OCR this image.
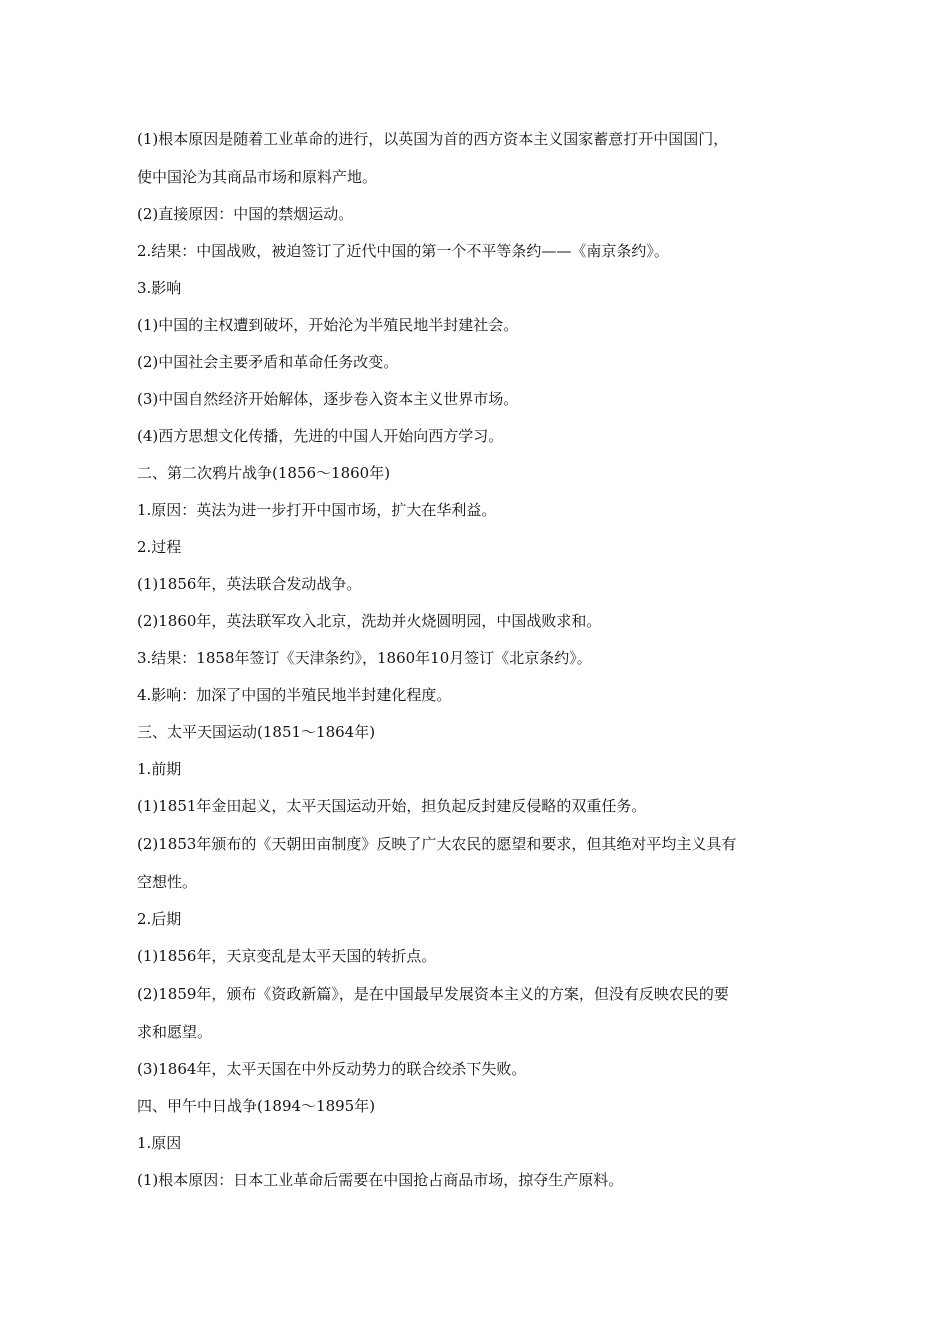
(1)根本原因是随着工业革命的进行，以英国为首的西方资本主义国家蓄意打开中国国门，
使中国沦为其商品市场和原料产地。
(2)直接原因：中国的禁烟运动。
2.结果：中国战败，被迫签订了近代中国的第一个不平等条约——《南京条约》。
3.影响
(1)中国的主权遭到破坏，开始沦为半殖民地半封建社会。
(2)中国社会主要矛盾和革命任务改变。
(3)中国自然经济开始解体，逐步卷入资本主义世界市场。
(4)西方思想文化传播，先进的中国人开始向西方学习。
二、第二次鸦片战争(1856～1860年)
1.原因：英法为进一步打开中国市场，扩大在华利益。
2.过程
(1)1856年，英法联合发动战争。
(2)1860年，英法联军攻入北京，洗劫并火烧圆明园，中国战败求和。
3.结果：1858年签订《天津条约》，1860年10月签订《北京条约》。
4.影响：加深了中国的半殖民地半封建化程度。
三、太平天国运动(1851～1864年)
1.前期
(1)1851年金田起义，太平天国运动开始，担负起反封建反侵略的双重任务。
(2)1853年颁布的《天朝田亩制度》反映了广大农民的愿望和要求，但其绝对平均主义具有
空想性。
2.后期
(1)1856年，天京变乱是太平天国的转折点。
(2)1859年，颁布《资政新篇》，是在中国最早发展资本主义的方案，但没有反映农民的要
求和愿望。
(3)1864年，太平天国在中外反动势力的联合绞杀下失败。
四、甲午中日战争(1894～1895年)
1.原因
(1)根本原因：日本工业革命后需要在中国抢占商品市场，掠夺生产原料。
